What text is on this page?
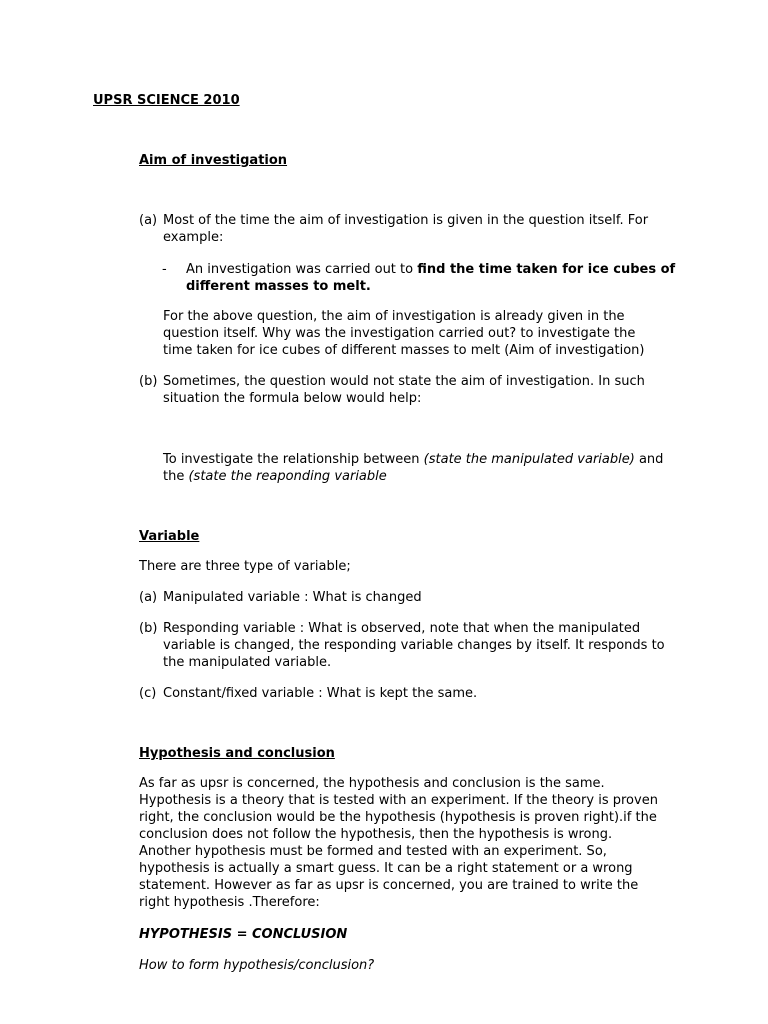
UPSR SCIENCE 2010
Aim of investigation
(a) Most of the time the aim of investigation is given in the question itself. For example:
- An investigation was carried out to find the time taken for ice cubes of different masses to melt.
For the above question, the aim of investigation is already given in the question itself. Why was the investigation carried out? to investigate the time taken for ice cubes of different masses to melt (Aim of investigation)
(b) Sometimes, the question would not state the aim of investigation. In such situation the formula below would help:
To investigate the relationship between (state the manipulated variable) and the (state the reaponding variable
Variable
There are three type of variable;
(a) Manipulated variable : What is changed
(b) Responding variable : What is observed, note that when the manipulated variable is changed, the responding variable changes by itself. It responds to the manipulated variable.
(c) Constant/fixed variable : What is kept the same.
Hypothesis and conclusion
As far as upsr is concerned, the hypothesis and conclusion is the same. Hypothesis is a theory that is tested with an experiment. If the theory is proven right, the conclusion would be the hypothesis (hypothesis is proven right).if the conclusion does not follow the hypothesis, then the hypothesis is wrong. Another hypothesis must be formed and tested with an experiment. So, hypothesis is actually a smart guess. It can be a right statement or a wrong statement. However as far as upsr is concerned, you are trained to write the right hypothesis .Therefore:
HYPOTHESIS = CONCLUSION
How to form hypothesis/conclusion?
